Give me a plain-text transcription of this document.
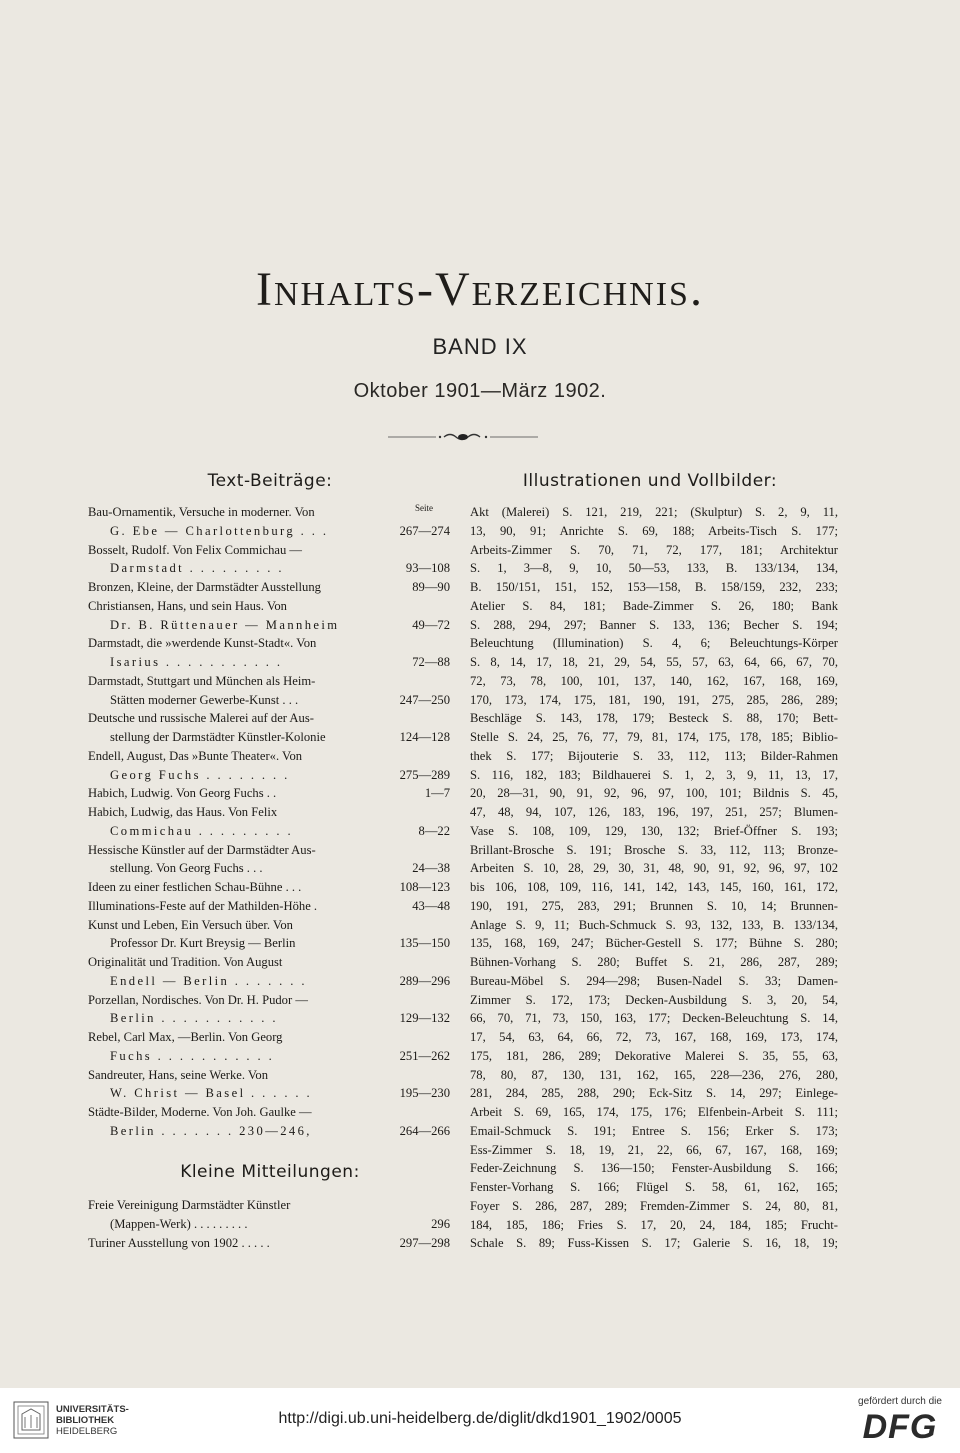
Inhalts-Verzeichnis.
BAND IX
Oktober 1901—März 1902.
Text-Beiträge:	Illustrationen und Vollbilder:
Seite
Bau-Ornamentik, Versuche in moderner. Von
G. Ebe — Charlottenburg . . .	267—274
Bosselt, Rudolf. Von Felix Commichau —
Darmstadt . . . . . . . . .	93—108
Bronzen, Kleine, der Darmstädter Ausstellung	89—90
Christiansen, Hans, und sein Haus. Von
Dr. B. Rüttenauer — Mannheim	49—72
Darmstadt, die »werdende Kunst-Stadt«. Von
Isarius . . . . . . . . . . .	72—88
Darmstadt, Stuttgart und München als Heim-
Stätten moderner Gewerbe-Kunst . . .	247—250
Deutsche und russische Malerei auf der Aus-
stellung der Darmstädter Künstler-Kolonie	124—128
Endell, August, Das »Bunte Theater«. Von
Georg Fuchs . . . . . . . .	275—289
Habich, Ludwig. Von Georg Fuchs . .	1—7
Habich, Ludwig, das Haus. Von Felix
Commichau . . . . . . . . .	8—22
Hessische Künstler auf der Darmstädter Aus-
stellung. Von Georg Fuchs . . .	24—38
Ideen zu einer festlichen Schau-Bühne . . .	108—123
Illuminations-Feste auf der Mathilden-Höhe .	43—48
Kunst und Leben, Ein Versuch über. Von
Professor Dr. Kurt Breysig — Berlin	135—150
Originalität und Tradition. Von August
Endell — Berlin . . . . . . .	289—296
Porzellan, Nordisches. Von Dr. H. Pudor —
Berlin . . . . . . . . . . .	129—132
Rebel, Carl Max, —Berlin. Von Georg
Fuchs . . . . . . . . . . .	251—262
Sandreuter, Hans, seine Werke. Von
W. Christ — Basel . . . . . .	195—230
Städte-Bilder, Moderne. Von Joh. Gaulke —
Berlin . . . . . . . 230—246,	264—266
Kleine Mitteilungen:
Freie Vereinigung Darmstädter Künstler
(Mappen-Werk) . . . . . . . . .	296
Turiner Ausstellung von 1902 . . . . .	297—298
Akt (Malerei) S. 121, 219, 221; (Skulptur) S. 2, 9, 11,
13, 90, 91; Anrichte S. 69, 188; Arbeits-Tisch S. 177;
Arbeits-Zimmer S. 70, 71, 72, 177, 181; Architektur
S. 1, 3—8, 9, 10, 50—53, 133, B. 133/134, 134,
B. 150/151, 151, 152, 153—158, B. 158/159, 232, 233;
Atelier S. 84, 181; Bade-Zimmer S. 26, 180; Bank
S. 288, 294, 297; Banner S. 133, 136; Becher S. 194;
Beleuchtung (Illumination) S. 4, 6; Beleuchtungs-Körper
S. 8, 14, 17, 18, 21, 29, 54, 55, 57, 63, 64, 66, 67, 70,
72, 73, 78, 100, 101, 137, 140, 162, 167, 168, 169,
170, 173, 174, 175, 181, 190, 191, 275, 285, 286, 289;
Beschläge S. 143, 178, 179; Besteck S. 88, 170; Bett-
Stelle S. 24, 25, 76, 77, 79, 81, 174, 175, 178, 185; Biblio-
thek S. 177; Bijouterie S. 33, 112, 113; Bilder-Rahmen
S. 116, 182, 183; Bildhauerei S. 1, 2, 3, 9, 11, 13, 17,
20, 28—31, 90, 91, 92, 96, 97, 100, 101; Bildnis S. 45,
47, 48, 94, 107, 126, 183, 196, 197, 251, 257; Blumen-
Vase S. 108, 109, 129, 130, 132; Brief-Öffner S. 193;
Brillant-Brosche S. 191; Brosche S. 33, 112, 113; Bronze-
Arbeiten S. 10, 28, 29, 30, 31, 48, 90, 91, 92, 96, 97, 102
bis 106, 108, 109, 116, 141, 142, 143, 145, 160, 161, 172,
190, 191, 275, 283, 291; Brunnen S. 10, 14; Brunnen-
Anlage S. 9, 11; Buch-Schmuck S. 93, 132, 133, B. 133/134,
135, 168, 169, 247; Bücher-Gestell S. 177; Bühne S. 280;
Bühnen-Vorhang S. 280; Buffet S. 21, 286, 287, 289;
Bureau-Möbel S. 294—298; Busen-Nadel S. 33; Damen-
Zimmer S. 172, 173; Decken-Ausbildung S. 3, 20, 54,
66, 70, 71, 73, 150, 163, 177; Decken-Beleuchtung S. 14,
17, 54, 63, 64, 66, 72, 73, 167, 168, 169, 173, 174,
175, 181, 286, 289; Dekorative Malerei S. 35, 55, 63,
78, 80, 87, 130, 131, 162, 165, 228—236, 276, 280,
281, 284, 285, 288, 290; Eck-Sitz S. 14, 297; Einlege-
Arbeit S. 69, 165, 174, 175, 176; Elfenbein-Arbeit S. 111;
Email-Schmuck S. 191; Entree S. 156; Erker S. 173;
Ess-Zimmer S. 18, 19, 21, 22, 66, 67, 167, 168, 169;
Feder-Zeichnung S. 136—150; Fenster-Ausbildung S. 166;
Fenster-Vorhang S. 166; Flügel S. 58, 61, 162, 165;
Foyer S. 286, 287, 289; Fremden-Zimmer S. 24, 80, 81,
184, 185, 186; Fries S. 17, 20, 24, 184, 185; Frucht-
Schale S. 89; Fuss-Kissen S. 17; Galerie S. 16, 18, 19;
UNIVERSITÄTS-
BIBLIOTHEK
HEIDELBERG
http://digi.ub.uni-heidelberg.de/diglit/dkd1901_1902/0005
gefördert durch die
DFG
